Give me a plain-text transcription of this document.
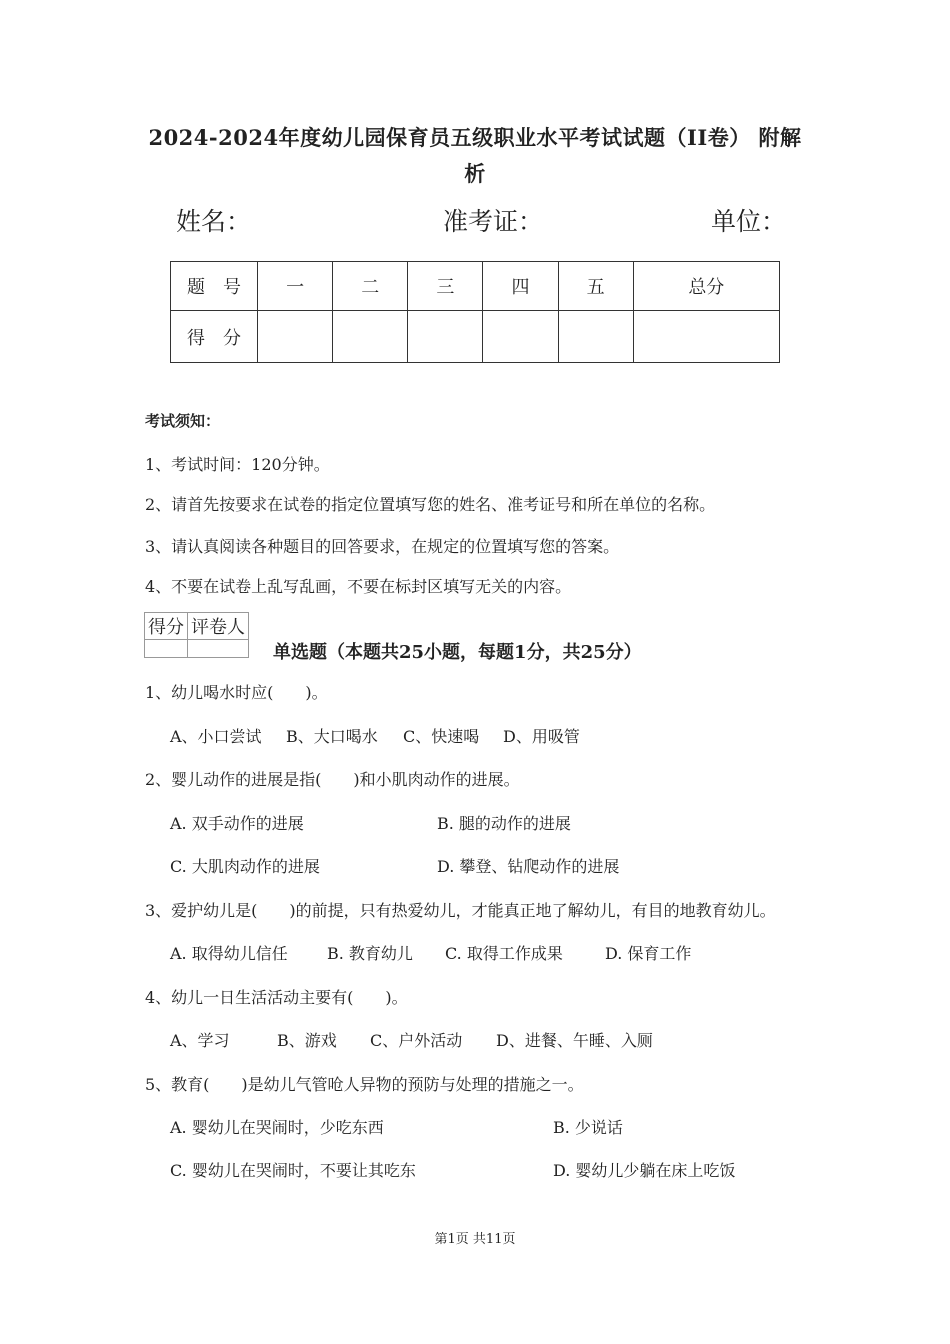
2024-2024年度幼儿园保育员五级职业水平考试试题（II卷） 附解
析
姓名：	准考证：	单位：
题　号	一	二	三	四	五	总分
得　分						
考试须知：
1、考试时间：120分钟。
2、请首先按要求在试卷的指定位置填写您的姓名、准考证号和所在单位的名称。
3、请认真阅读各种题目的回答要求，在规定的位置填写您的答案。
4、不要在试卷上乱写乱画，不要在标封区填写无关的内容。
得分	评卷人

单选题（本题共25小题，每题1分，共25分）
1、幼儿喝水时应(　　)。
A、小口尝试 B、大口喝水 C、快速喝 D、用吸管
2、婴儿动作的进展是指(　　)和小肌肉动作的进展。
A. 双手动作的进展	B. 腿的动作的进展
C. 大肌肉动作的进展	D. 攀登、钻爬动作的进展
3、爱护幼儿是(　　)的前提，只有热爱幼儿，才能真正地了解幼儿，有目的地教育幼儿。
A. 取得幼儿信任 B. 教育幼儿 C. 取得工作成果	D. 保育工作
4、幼儿一日生活活动主要有(　　)。
A、学习	B、游戏 C、户外活动 D、进餐、午睡、入厕
5、教育(　　)是幼儿气管呛人异物的预防与处理的措施之一。
A. 婴幼儿在哭闹时，少吃东西	B. 少说话
C. 婴幼儿在哭闹时，不要让其吃东	D. 婴幼儿少躺在床上吃饭
第1页 共11页
